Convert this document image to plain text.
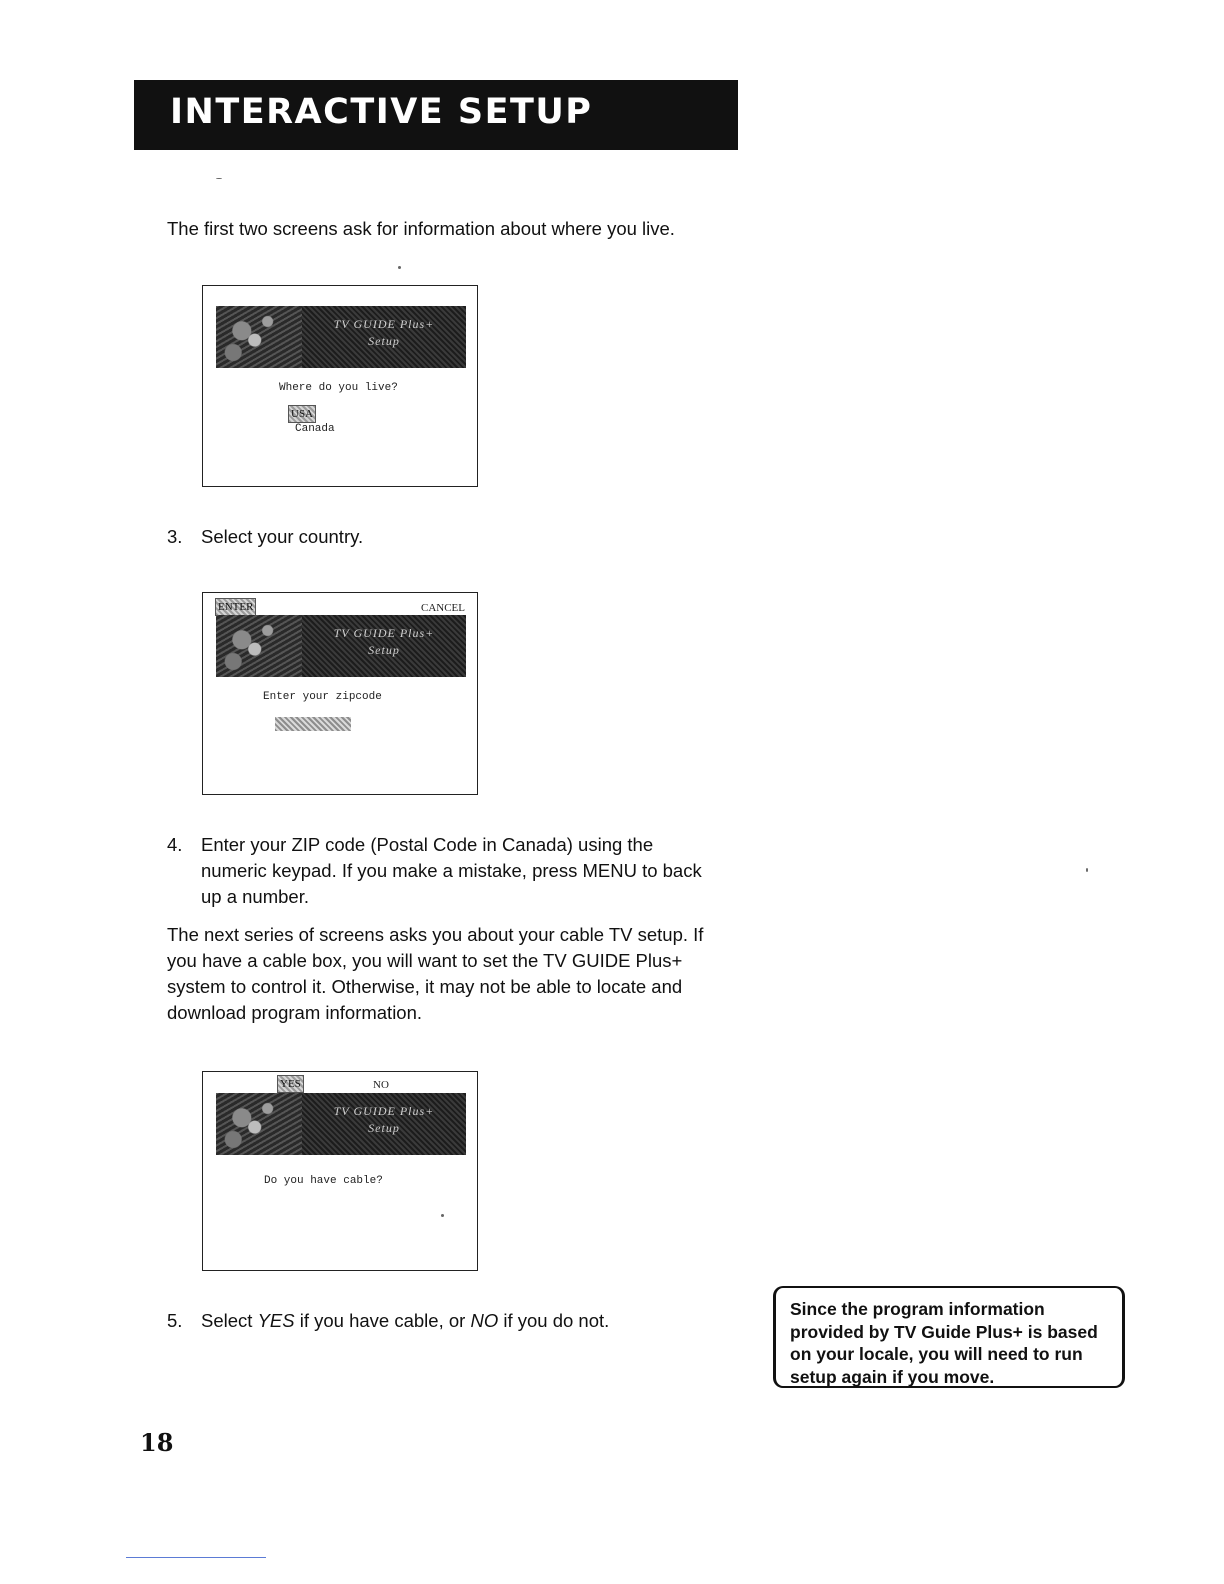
INTERACTIVE SETUP
The first two screens ask for information about where you live.
TV GUIDE Plus+
Setup
Where do you live?
USA
Canada
3. Select your country.
ENTER	CANCEL
TV GUIDE Plus+
Setup
Enter your zipcode
4. Enter your ZIP code (Postal Code in Canada) using the
numeric keypad. If you make a mistake, press MENU to back
up a number.
The next series of screens asks you about your cable TV setup. If
you have a cable box, you will want to set the TV GUIDE Plus+
system to control it. Otherwise, it may not be able to locate and
download program information.
YES	NO
TV GUIDE Plus+
Setup
Do you have cable?
5. Select YES if you have cable, or NO if you do not.
Since the program information
provided by TV Guide Plus+ is based
on your locale, you will need to run
setup again if you move.
18
